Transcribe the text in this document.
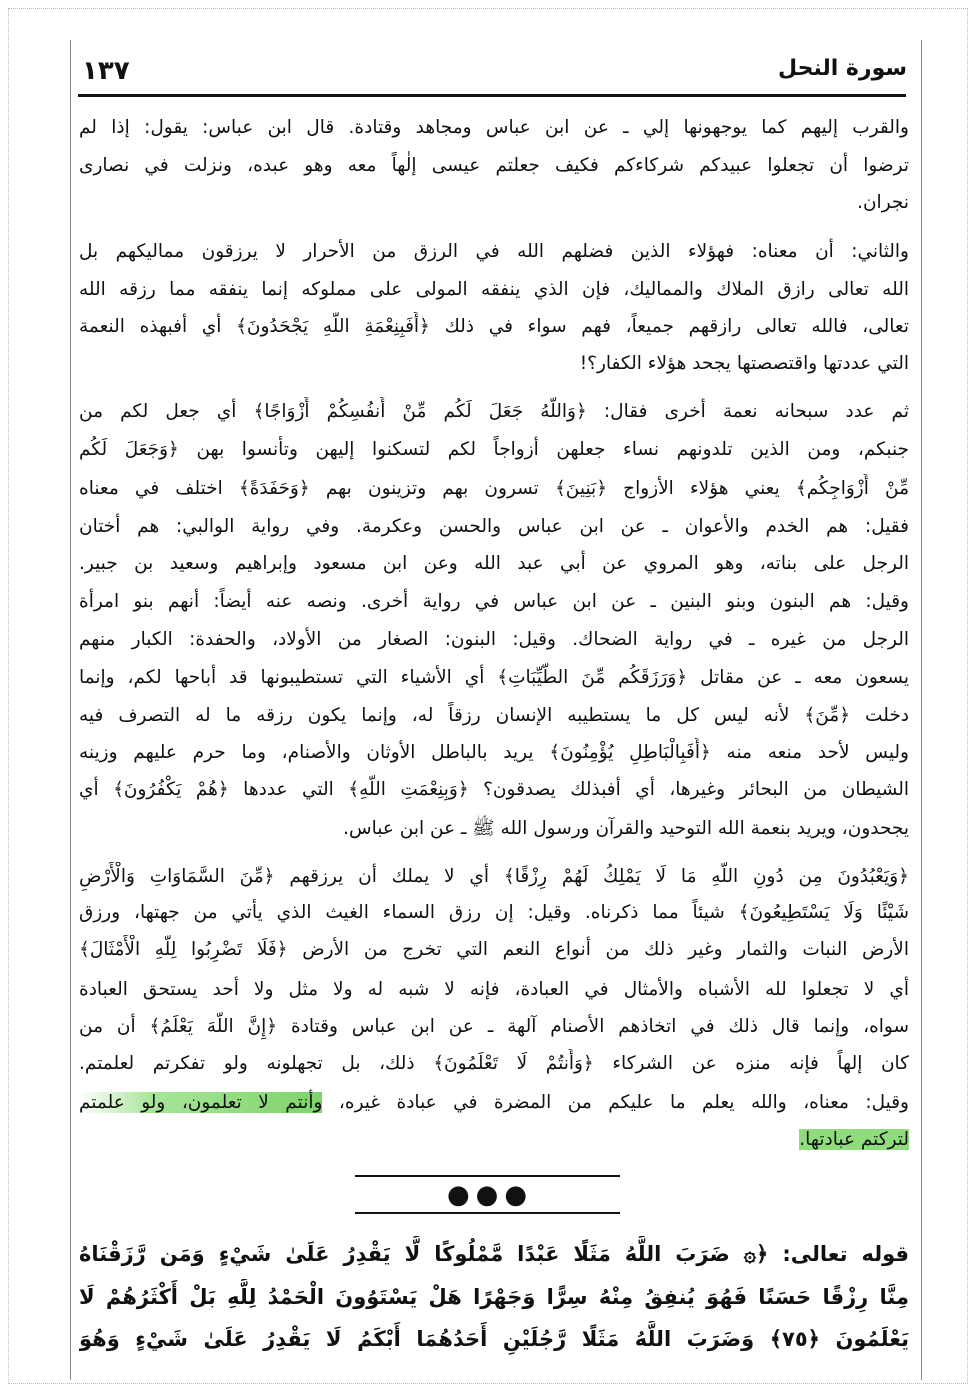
سورة النحل
١٣٧
والقرب إليهم كما يوجهونها إلي ـ عن ابن عباس ومجاهد وقتادة. قال ابن عباس: يقول: إذا لم
ترضوا أن تجعلوا عبيدكم شركاءكم فكيف جعلتم عيسى إلٰهاً معه وهو عبده، ونزلت في نصارى
نجران.
والثاني: أن معناه: فهؤلاء الذين فضلهم الله في الرزق من الأحرار لا يرزقون مماليكهم بل
الله تعالى رازق الملاك والمماليك، فإن الذي ينفقه المولى على مملوكه إنما ينفقه مما رزقه الله
تعالى، فالله تعالى رازقهم جميعاً، فهم سواء في ذلك ﴿أَفَبِنِعْمَةِ اللَّهِ يَجْحَدُونَ﴾ أي أفبهذه النعمة
التي عددتها واقتصصتها يجحد هؤلاء الكفار؟!
ثم عدد سبحانه نعمة أخرى فقال: ﴿وَاللَّهُ جَعَلَ لَكُم مِّنْ أَنفُسِكُمْ أَزْوَاجًا﴾ أي جعل لكم من
جنبكم، ومن الذين تلدونهم نساء جعلهن أزواجاً لكم لتسكنوا إليهن وتأنسوا بهن ﴿وَجَعَلَ لَكُم
مِّنْ أَزْوَاجِكُم﴾ يعني هؤلاء الأزواج ﴿بَنِينَ﴾ تسرون بهم وتزينون بهم ﴿وَحَفَدَةً﴾ اختلف في معناه
فقيل: هم الخدم والأعوان ـ عن ابن عباس والحسن وعكرمة. وفي رواية الوالبي: هم أختان
الرجل على بناته، وهو المروي عن أبي عبد الله وعن ابن مسعود وإبراهيم وسعيد بن جبير.
وقيل: هم البنون وبنو البنين ـ عن ابن عباس في رواية أخرى. ونصه عنه أيضاً: أنهم بنو امرأة
الرجل من غيره ـ في رواية الضحاك. وقيل: البنون: الصغار من الأولاد، والحفدة: الكبار منهم
يسعون معه ـ عن مقاتل ﴿وَرَزَقَكُم مِّنَ الطَّيِّبَاتِ﴾ أي الأشياء التي تستطيبونها قد أباحها لكم، وإنما
دخلت ﴿مِّنَ﴾ لأنه ليس كل ما يستطيبه الإنسان رزقاً له، وإنما يكون رزقه ما له التصرف فيه
وليس لأحد منعه منه ﴿أَفَبِالْبَاطِلِ يُؤْمِنُونَ﴾ يريد بالباطل الأوثان والأصنام، وما حرم عليهم وزينه
الشيطان من البحائر وغيرها، أي أفبذلك يصدقون؟ ﴿وَبِنِعْمَتِ اللَّهِ﴾ التي عددها ﴿هُمْ يَكْفُرُونَ﴾ أي
يجحدون، ويريد بنعمة الله التوحيد والقرآن ورسول الله ﷺ ـ عن ابن عباس.
﴿وَيَعْبُدُونَ مِن دُونِ اللَّهِ مَا لَا يَمْلِكُ لَهُمْ رِزْقًا﴾ أي لا يملك أن يرزقهم ﴿مِّنَ السَّمَاوَاتِ وَالْأَرْضِ
شَيْئًا وَلَا يَسْتَطِيعُونَ﴾ شيئاً مما ذكرناه. وقيل: إن رزق السماء الغيث الذي يأتي من جهتها، ورزق
الأرض النبات والثمار وغير ذلك من أنواع النعم التي تخرج من الأرض ﴿فَلَا تَضْرِبُوا لِلَّهِ الْأَمْثَالَ﴾
أي لا تجعلوا لله الأشباه والأمثال في العبادة، فإنه لا شبه له ولا مثل ولا أحد يستحق العبادة
سواه، وإنما قال ذلك في اتخاذهم الأصنام آلهة ـ عن ابن عباس وقتادة ﴿إِنَّ اللَّهَ يَعْلَمُ﴾ أن من
كان إلهاً فإنه منزه عن الشركاء ﴿وَأَنتُمْ لَا تَعْلَمُونَ﴾ ذلك، بل تجهلونه ولو تفكرتم لعلمتم.
وقيل: معناه، والله يعلم ما عليكم من المضرة في عبادة غيره، وأنتم لا تعلمون، ولو علمتم
لتركتم عبادتها.
●●●
قوله تعالى: ﴿۞ ضَرَبَ اللَّهُ مَثَلًا عَبْدًا مَّمْلُوكًا لَّا يَقْدِرُ عَلَىٰ شَيْءٍ وَمَن رَّزَقْنَاهُ
مِنَّا رِزْقًا حَسَنًا فَهُوَ يُنفِقُ مِنْهُ سِرًّا وَجَهْرًا هَلْ يَسْتَوُونَ الْحَمْدُ لِلَّهِ بَلْ أَكْثَرُهُمْ لَا
يَعْلَمُونَ ﴿٧٥﴾ وَضَرَبَ اللَّهُ مَثَلًا رَّجُلَيْنِ أَحَدُهُمَا أَبْكَمُ لَا يَقْدِرُ عَلَىٰ شَيْءٍ وَهُوَ
